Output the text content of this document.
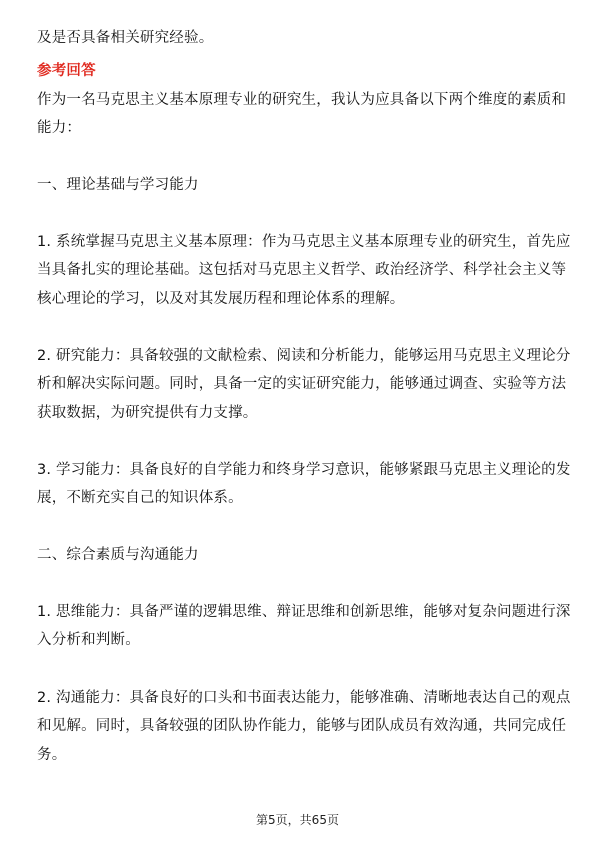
及是否具备相关研究经验。
参考回答
作为一名马克思主义基本原理专业的研究生，我认为应具备以下两个维度的素质和
能力：
一、理论基础与学习能力
1. 系统掌握马克思主义基本原理：作为马克思主义基本原理专业的研究生，首先应
当具备扎实的理论基础。这包括对马克思主义哲学、政治经济学、科学社会主义等
核心理论的学习，以及对其发展历程和理论体系的理解。
2. 研究能力：具备较强的文献检索、阅读和分析能力，能够运用马克思主义理论分
析和解决实际问题。同时，具备一定的实证研究能力，能够通过调查、实验等方法
获取数据，为研究提供有力支撑。
3. 学习能力：具备良好的自学能力和终身学习意识，能够紧跟马克思主义理论的发
展，不断充实自己的知识体系。
二、综合素质与沟通能力
1. 思维能力：具备严谨的逻辑思维、辩证思维和创新思维，能够对复杂问题进行深
入分析和判断。
2. 沟通能力：具备良好的口头和书面表达能力，能够准确、清晰地表达自己的观点
和见解。同时，具备较强的团队协作能力，能够与团队成员有效沟通，共同完成任
务。
第5页，共65页
